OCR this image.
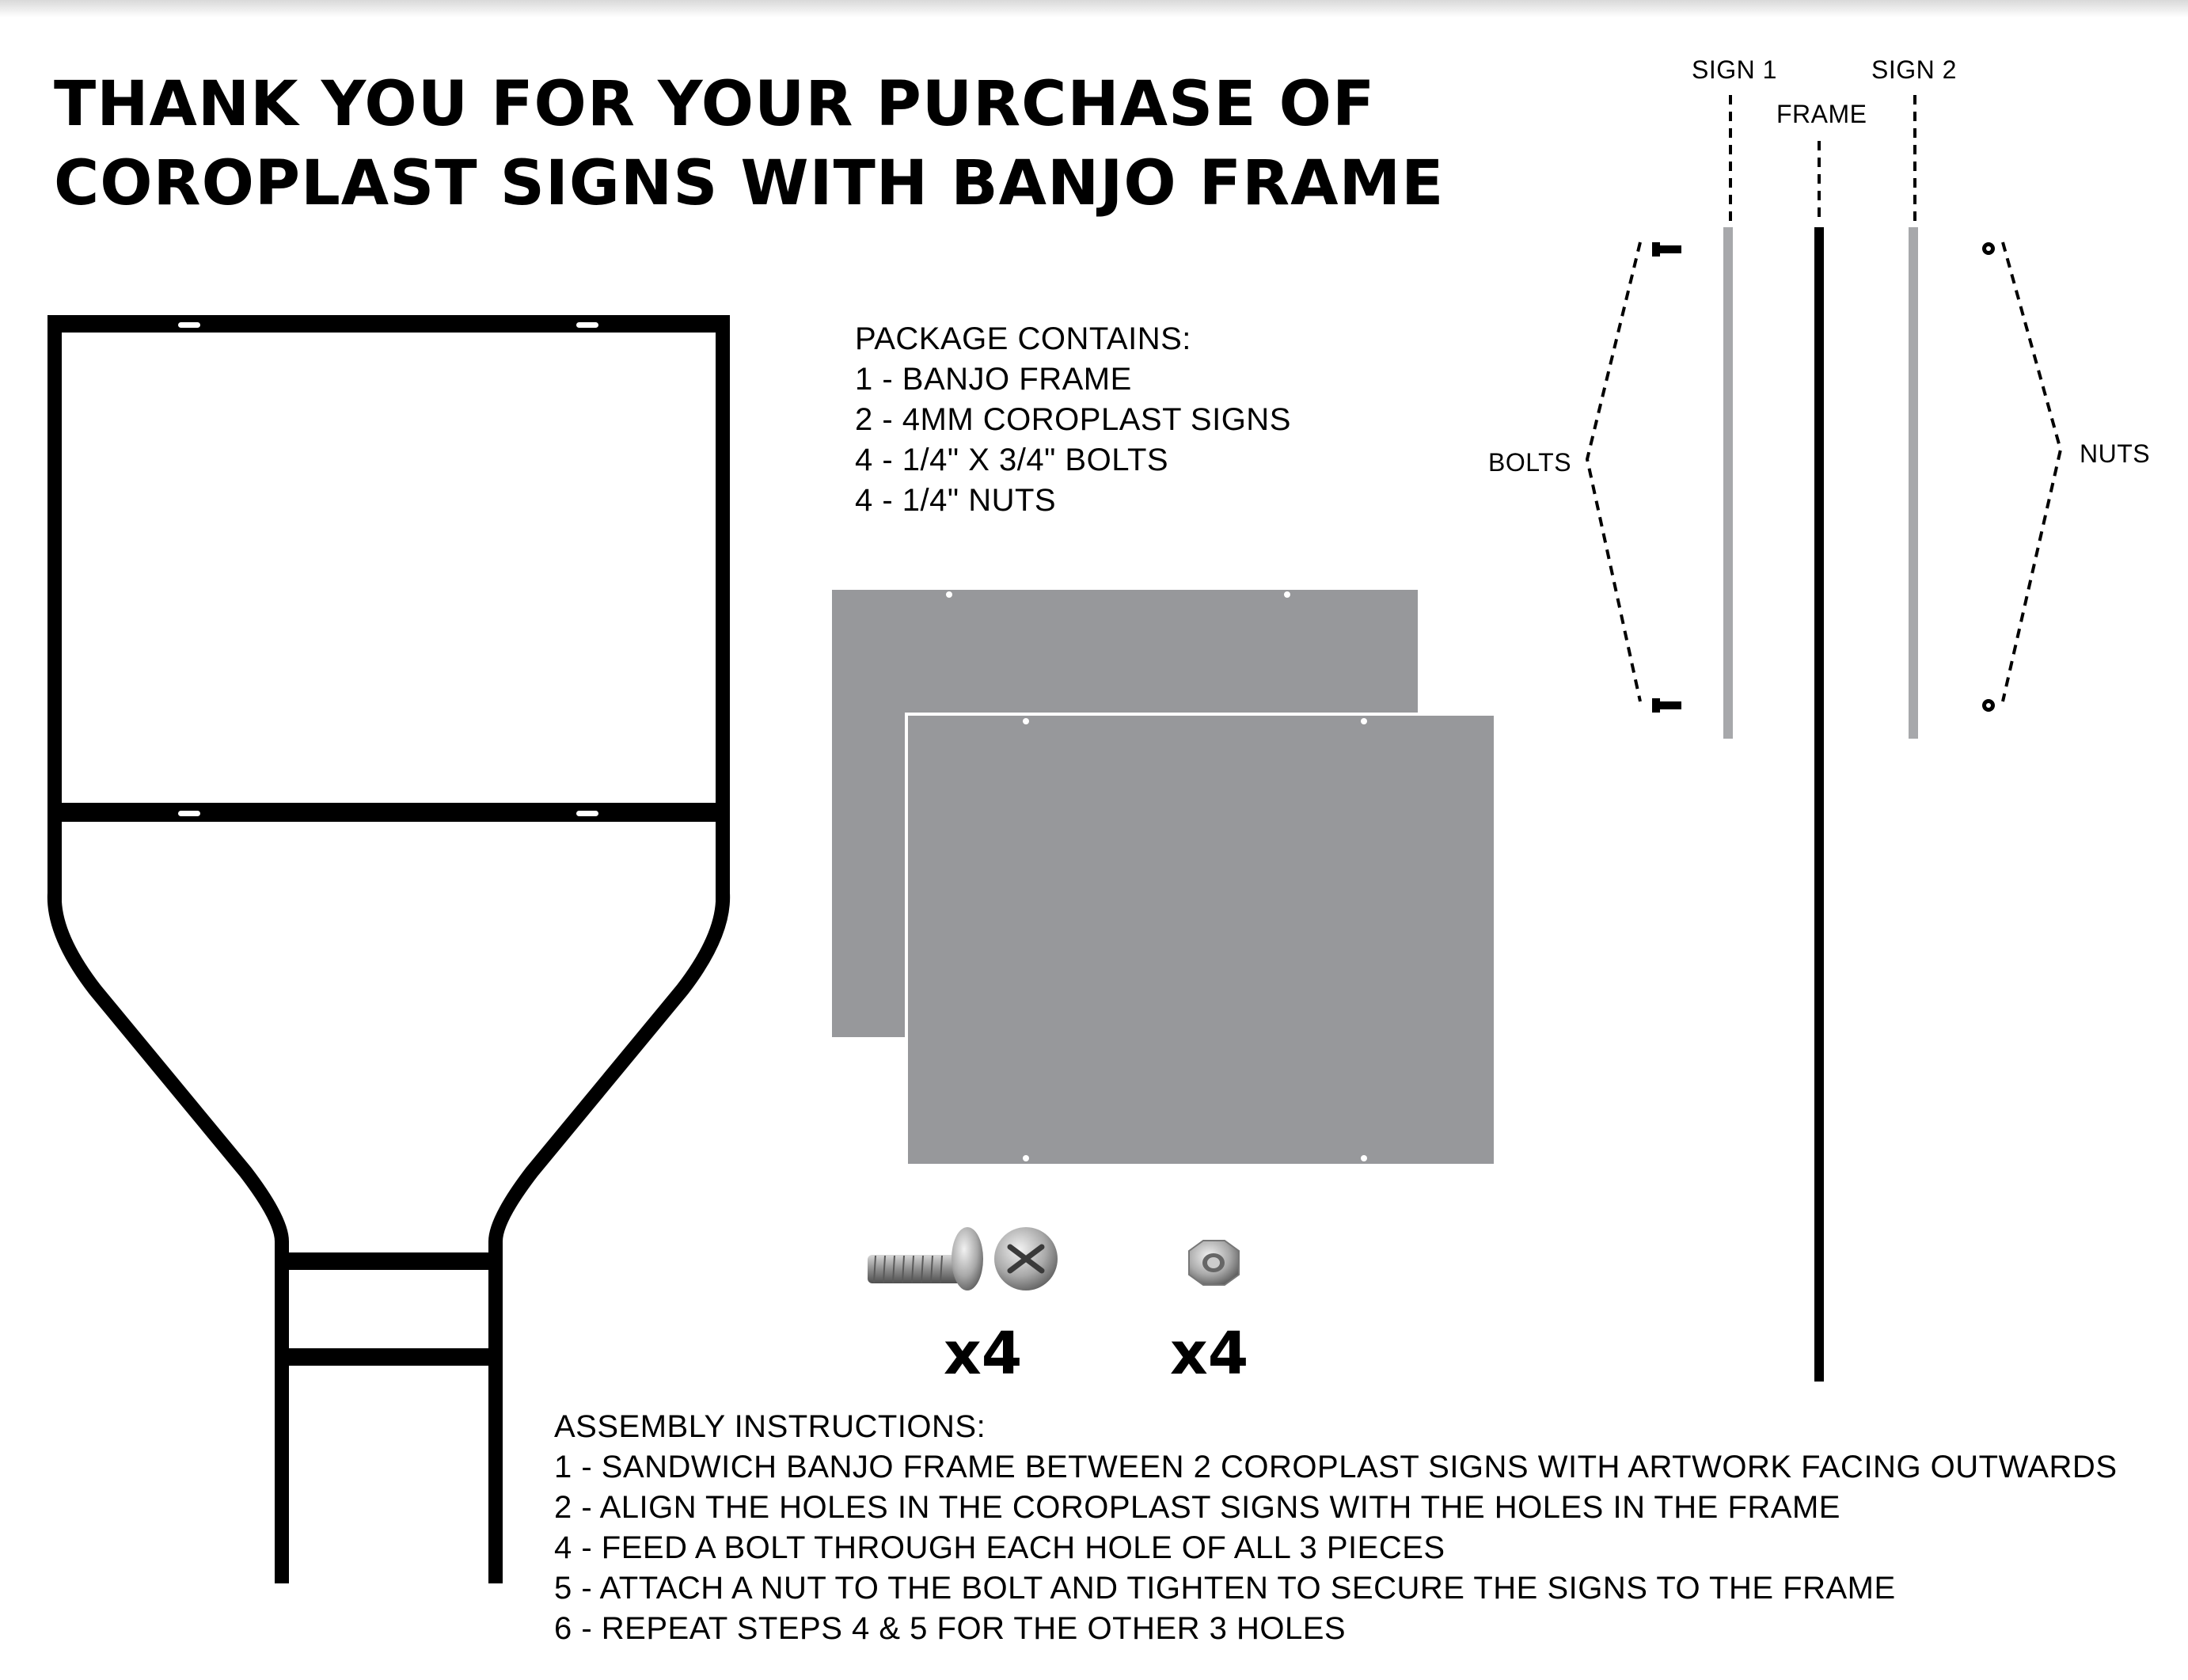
THANK YOU FOR YOUR PURCHASE OF
COROPLAST SIGNS WITH BANJO FRAME
PACKAGE CONTAINS:
1 - BANJO FRAME
2 - 4MM COROPLAST SIGNS
4 - 1/4" X 3/4" BOLTS
4 - 1/4" NUTS
x4	x4
SIGN 1	SIGN 2
FRAME
BOLTS	NUTS
ASSEMBLY INSTRUCTIONS:
1 - SANDWICH BANJO FRAME BETWEEN 2 COROPLAST SIGNS WITH ARTWORK FACING OUTWARDS
2 - ALIGN THE HOLES IN THE COROPLAST SIGNS WITH THE HOLES IN THE FRAME
4 - FEED A BOLT THROUGH EACH HOLE OF ALL 3 PIECES
5 - ATTACH A NUT TO THE BOLT AND TIGHTEN TO SECURE THE SIGNS TO THE FRAME
6 - REPEAT STEPS 4 & 5 FOR THE OTHER 3 HOLES
